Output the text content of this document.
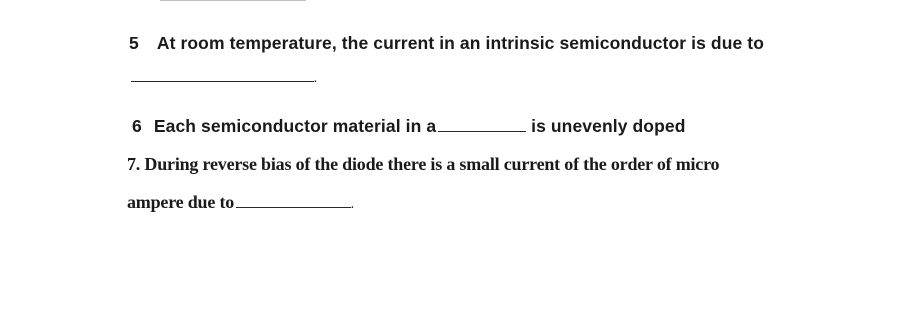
5 At room temperature, the current in an intrinsic semiconductor is due to
.
6 Each semiconductor material in a	is unevenly doped
7. During reverse bias of the diode there is a small current of the order of micro
ampere due to	.
